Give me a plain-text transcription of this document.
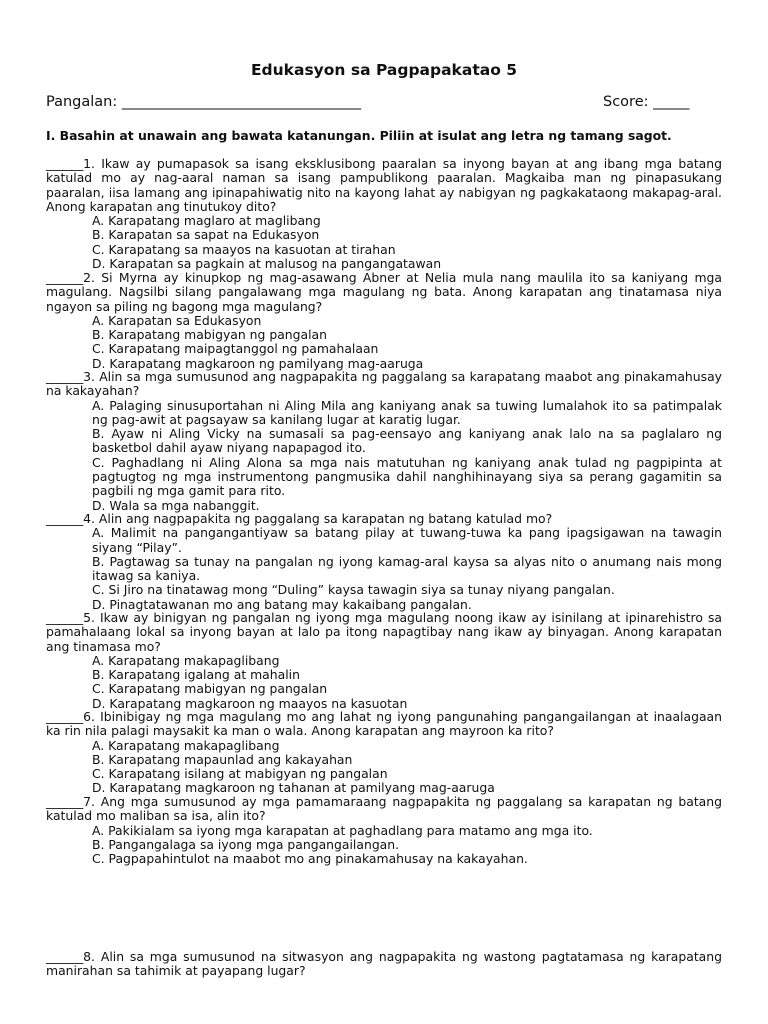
Edukasyon sa Pagpapakatao 5
Pangalan: _________________________________	Score: _____
I. Basahin at unawain ang bawata katanungan. Piliin at isulat ang letra ng tamang sagot.
______1. Ikaw ay pumapasok sa isang eksklusibong paaralan sa inyong bayan at ang ibang mga batang katulad mo ay nag-aaral naman sa isang pampublikong paaralan. Magkaiba man ng pinapasukang paaralan, iisa lamang ang ipinapahiwatig nito na kayong lahat ay nabigyan ng pagkakataong makapag-aral. Anong karapatan ang tinutukoy dito?
A. Karapatang maglaro at maglibang
B. Karapatan sa sapat na Edukasyon
C. Karapatang sa maayos na kasuotan at tirahan
D. Karapatan sa pagkain at malusog na pangangatawan
______2. Si Myrna ay kinupkop ng mag-asawang Abner at Nelia mula nang maulila ito sa kaniyang mga magulang. Nagsilbi silang pangalawang mga magulang ng bata. Anong karapatan ang tinatamasa niya ngayon sa piling ng bagong mga magulang?
A. Karapatan sa Edukasyon
B. Karapatang mabigyan ng pangalan
C. Karapatang maipagtanggol ng pamahalaan
D. Karapatang magkaroon ng pamilyang mag-aaruga
______3. Alin sa mga sumusunod ang nagpapakita ng paggalang sa karapatang maabot ang pinakamahusay na kakayahan?
A. Palaging sinusuportahan ni Aling Mila ang kaniyang anak sa tuwing lumalahok ito sa patimpalak ng pag-awit at pagsayaw sa kanilang lugar at karatig lugar.
B. Ayaw ni Aling Vicky na sumasali sa pag-eensayo ang kaniyang anak lalo na sa paglalaro ng basketbol dahil ayaw niyang napapagod ito.
C. Paghadlang ni Aling Alona sa mga nais matutuhan ng kaniyang anak tulad ng pagpipinta at pagtugtog ng mga instrumentong pangmusika dahil nanghihinayang siya sa perang gagamitin sa pagbili ng mga gamit para rito.
D. Wala sa mga nabanggit.
______4. Alin ang nagpapakita ng paggalang sa karapatan ng batang katulad mo?
A. Malimit na pangangantiyaw sa batang pilay at tuwang-tuwa ka pang ipagsigawan na tawagin siyang “Pilay”.
B. Pagtawag sa tunay na pangalan ng iyong kamag-aral kaysa sa alyas nito o anumang nais mong itawag sa kaniya.
C. Si Jiro na tinatawag mong “Duling” kaysa tawagin siya sa tunay niyang pangalan.
D. Pinagtatawanan mo ang batang may kakaibang pangalan.
______5. Ikaw ay binigyan ng pangalan ng iyong mga magulang noong ikaw ay isinilang at ipinarehistro sa pamahalaang lokal sa inyong bayan at lalo pa itong napagtibay nang ikaw ay binyagan. Anong karapatan ang tinamasa mo?
A. Karapatang makapaglibang
B. Karapatang igalang at mahalin
C. Karapatang mabigyan ng pangalan
D. Karapatang magkaroon ng maayos na kasuotan
______6. Ibinibigay ng mga magulang mo ang lahat ng iyong pangunahing pangangailangan at inaalagaan ka rin nila palagi maysakit ka man o wala. Anong karapatan ang mayroon ka rito?
A. Karapatang makapaglibang
B. Karapatang mapaunlad ang kakayahan
C. Karapatang isilang at mabigyan ng pangalan
D. Karapatang magkaroon ng tahanan at pamilyang mag-aaruga
______7. Ang mga sumusunod ay mga pamamaraang nagpapakita ng paggalang sa karapatan ng batang katulad mo maliban sa isa, alin ito?
A. Pakikialam sa iyong mga karapatan at paghadlang para matamo ang mga ito.
B. Pangangalaga sa iyong mga pangangailangan.
C. Pagpapahintulot na maabot mo ang pinakamahusay na kakayahan.
______8. Alin sa mga sumusunod na sitwasyon ang nagpapakita ng wastong pagtatamasa ng karapatang manirahan sa tahimik at payapang lugar?
